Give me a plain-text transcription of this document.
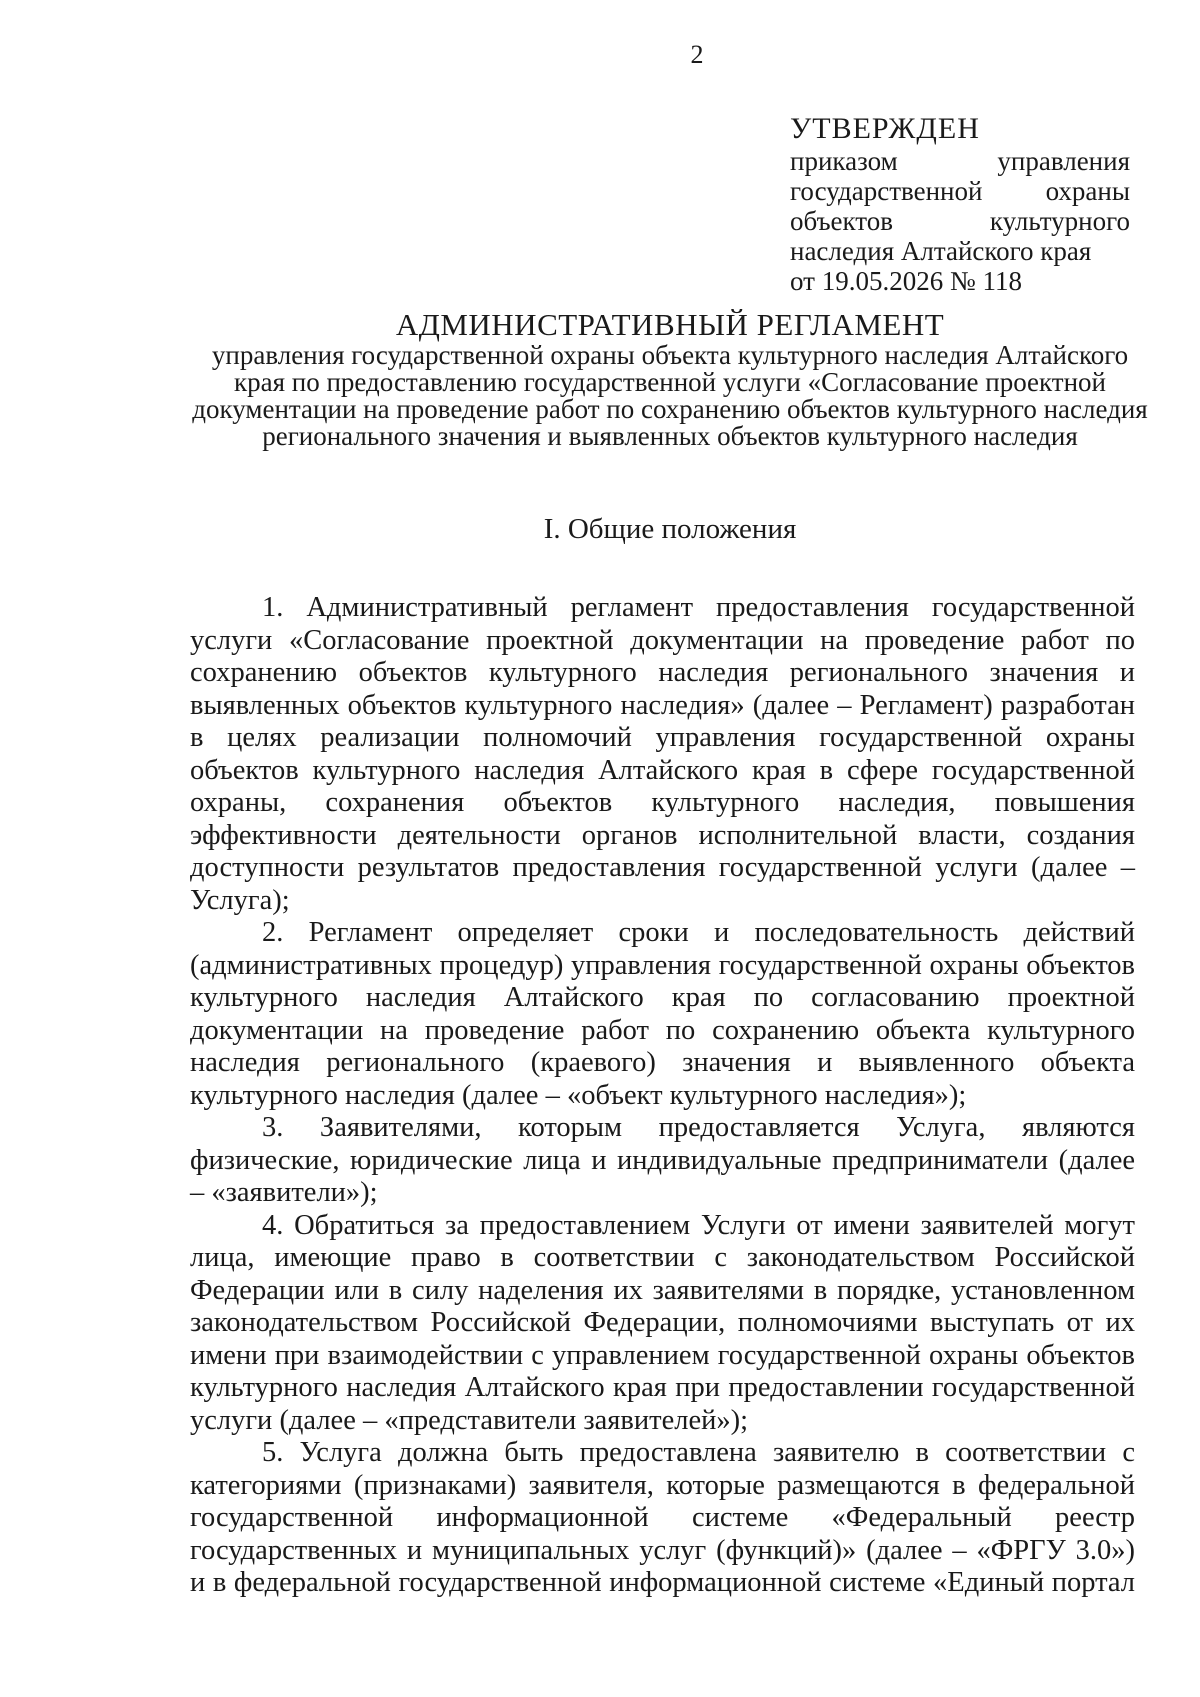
2
УТВЕРЖДЕН
приказом управления
государственной охраны
объектов культурного
наследия Алтайского края
от 19.05.2026 № 118
АДМИНИСТРАТИВНЫЙ РЕГЛАМЕНТ
управления государственной охраны объекта культурного наследия Алтайского края по предоставлению государственной услуги «Согласование проектной документации на проведение работ по сохранению объектов культурного наследия регионального значения и выявленных объектов культурного наследия
I. Общие положения

1. Административный регламент предоставления государственной услуги «Согласование проектной документации на проведение работ по сохранению объектов культурного наследия регионального значения и выявленных объектов культурного наследия» (далее – Регламент) разработан в целях реализации полномочий управления государственной охраны объектов культурного наследия Алтайского края в сфере государственной охраны, сохранения объектов культурного наследия, повышения эффективности деятельности органов исполнительной власти, создания доступности результатов предоставления государственной услуги (далее – Услуга);

2. Регламент определяет сроки и последовательность действий (административных процедур) управления государственной охраны объектов культурного наследия Алтайского края по согласованию проектной документации на проведение работ по сохранению объекта культурного наследия регионального (краевого) значения и выявленного объекта культурного наследия (далее – «объект культурного наследия»);

3. Заявителями, которым предоставляется Услуга, являются физические, юридические лица и индивидуальные предприниматели (далее – «заявители»);

4. Обратиться за предоставлением Услуги от имени заявителей могут лица, имеющие право в соответствии с законодательством Российской Федерации или в силу наделения их заявителями в порядке, установленном законодательством Российской Федерации, полномочиями выступать от их имени при взаимодействии с управлением государственной охраны объектов культурного наследия Алтайского края при предоставлении государственной услуги (далее – «представители заявителей»);

5. Услуга должна быть предоставлена заявителю в соответствии с категориями (признаками) заявителя, которые размещаются в федеральной государственной информационной системе «Федеральный реестр государственных и муниципальных услуг (функций)» (далее – «ФРГУ 3.0») и в федеральной государственной информационной системе «Единый портал
